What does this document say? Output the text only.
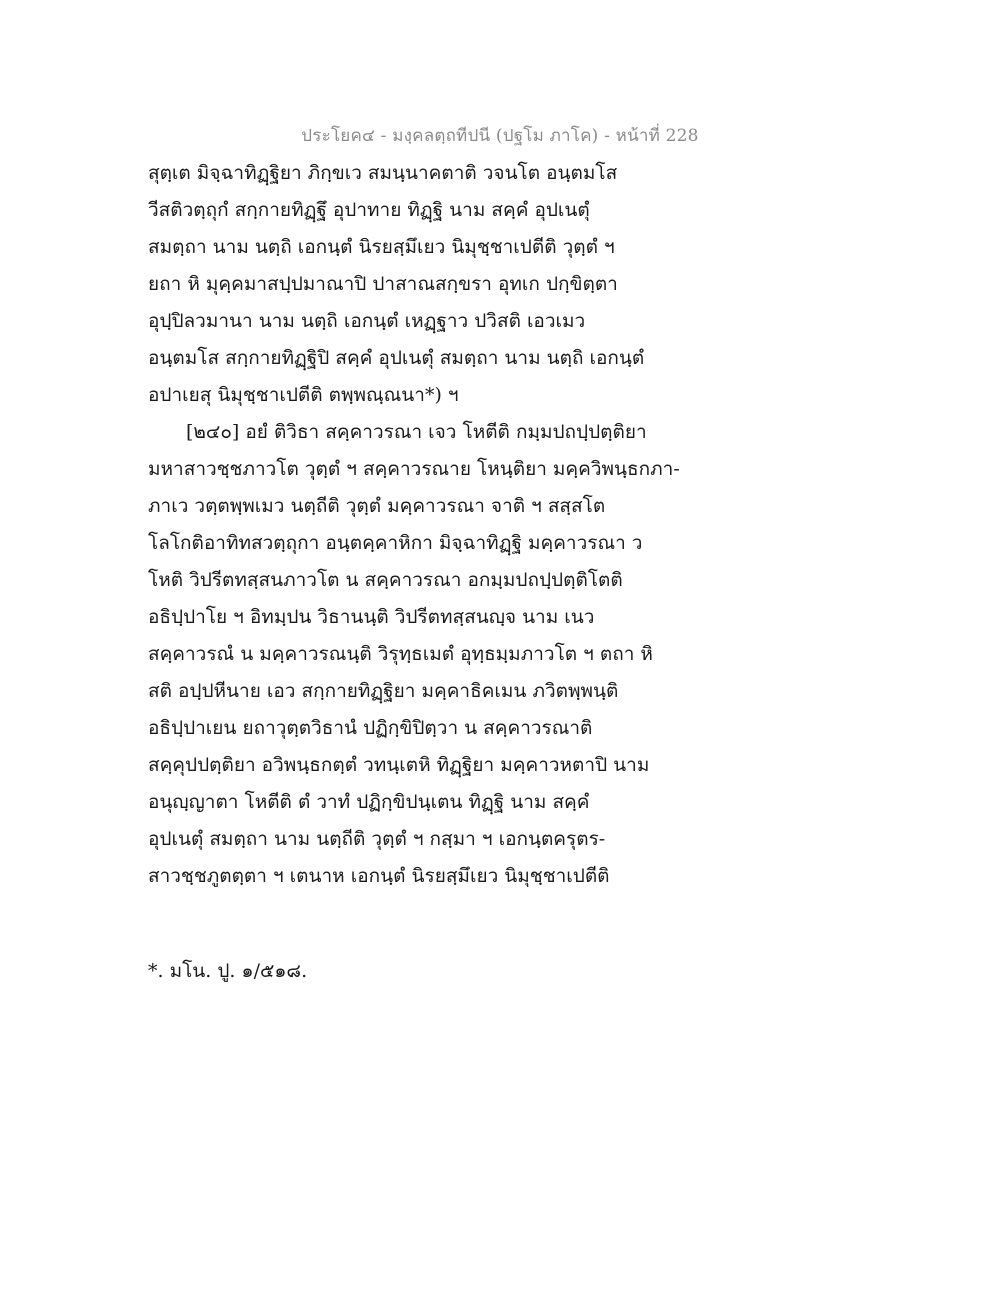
ประโยค๔ - มงฺคลตฺถทีปนี (ปฐโม ภาโค) - หน้าที่ 228
สุตฺเต มิจฺฉาทิฏฺฐิยา ภิกฺขเว สมนฺนาคตาติ วจนโต อนฺตมโส
วีสติวตฺถุกํ สกฺกายทิฏฺฐึ อุปาทาย ทิฏฺฐิ นาม สคฺคํ อุปเนตุํ
สมตฺถา นาม นตฺถิ เอกนฺตํ นิรยสฺมึเยว นิมุชฺชาเปตีติ วุตฺตํ ฯ
ยถา หิ มุคฺคมาสปฺปมาณาปิ ปาสาณสกฺขรา อุทเก ปกฺขิตฺตา
อุปฺปิลวมานา นาม นตฺถิ เอกนฺตํ เหฏฺฐาว ปวิสติ เอวเมว
อนฺตมโส สกฺกายทิฏฺฐิปิ สคฺคํ อุปเนตุํ สมตฺถา นาม นตฺถิ เอกนฺตํ
อปาเยสุ นิมุชฺชาเปตีติ ตพฺพณฺณนา*) ฯ
[๒๔๐] อยํ ติวิธา สคฺคาวรณา เจว โหตีติ กมฺมปถปฺปตฺติยา
มหาสาวชฺชภาวโต วุตฺตํ ฯ สคฺคาวรณาย โหนฺติยา มคฺควิพนฺธกภา-
ภาเว วตฺตพฺพเมว นตฺถีติ วุตฺตํ มคฺคาวรณา จาติ ฯ สสฺสโต
โลโกติอาทิทสวตฺถุกา อนฺตคฺคาหิกา มิจฺฉาทิฏฺฐิ มคฺคาวรณา ว
โหติ วิปรีตทสฺสนภาวโต น สคฺคาวรณา อกมฺมปถปฺปตฺติโตติ
อธิปฺปาโย ฯ อิทมฺปน วิธานนฺติ วิปรีตทสฺสนญฺจ นาม เนว
สคฺคาวรณํ น มคฺคาวรณนฺติ วิรุทฺธเมตํ อุทฺธมฺมภาวโต ฯ ตถา หิ
สติ อปฺปหีนาย เอว สกฺกายทิฏฺฐิยา มคฺคาธิคเมน ภวิตพฺพนฺติ
อธิปฺปาเยน ยถาวุตฺตวิธานํ ปฏิกฺขิปิตฺวา น สคฺคาวรณาติ
สคฺคุปปตฺติยา อวิพนฺธกตฺตํ วทนฺเตหิ ทิฏฺฐิยา มคฺคาวหตาปิ นาม
อนุญฺญาตา โหตีติ ตํ วาทํ ปฏิกฺขิปนฺเตน ทิฏฺฐิ นาม สคฺคํ
อุปเนตุํ สมตฺถา นาม นตฺถีติ วุตฺตํ ฯ กสฺมา ฯ เอกนฺตครุตร-
สาวชฺชภูตตฺตา ฯ เตนาห เอกนฺตํ นิรยสฺมึเยว นิมุชฺชาเปตีติ
*. มโน. ปู. ๑/๕๑๘.
